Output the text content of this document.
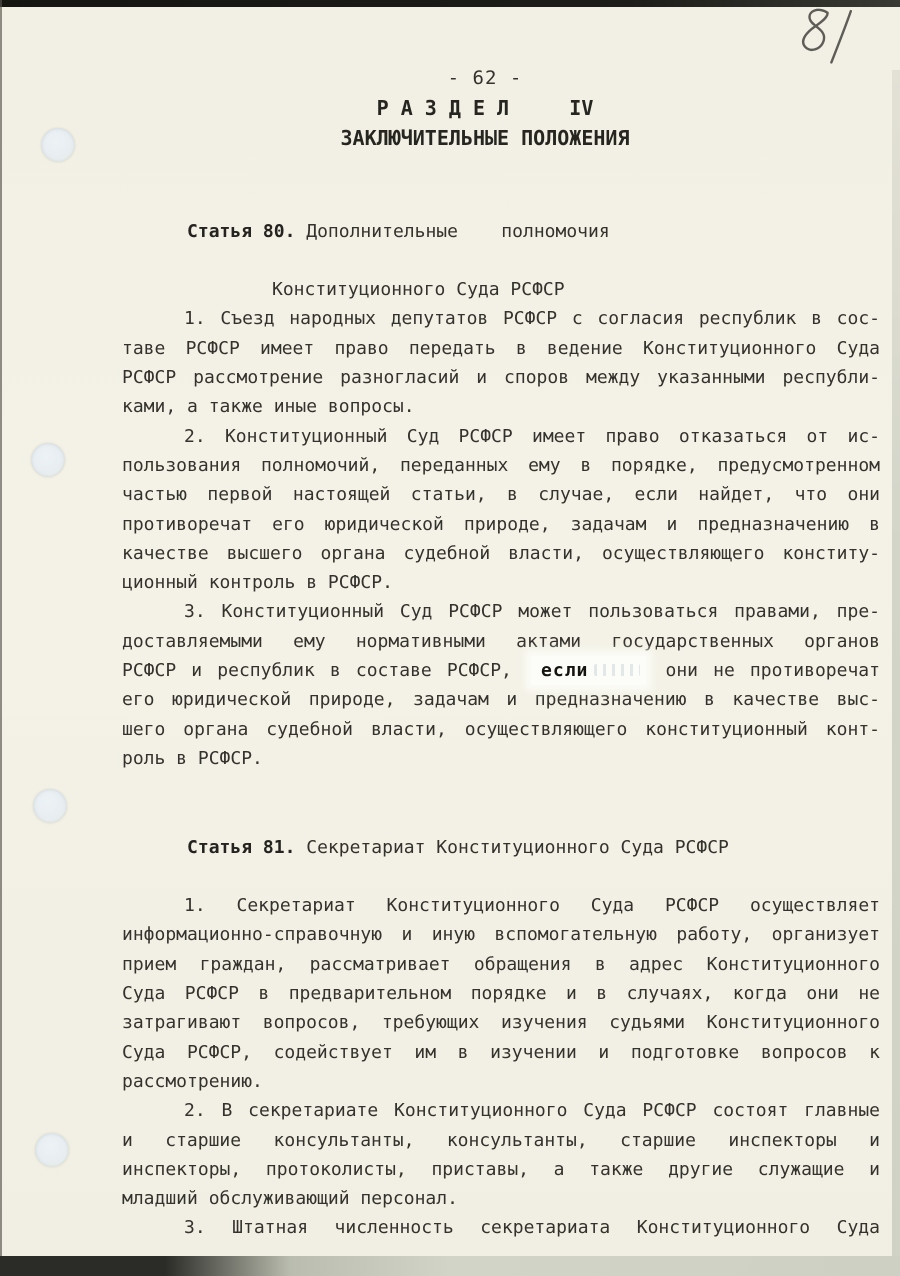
- 62 -
Р А З Д Е Л     IV
ЗАКЛЮЧИТЕЛЬНЫЕ ПОЛОЖЕНИЯ

Статья 80. Дополнительные    полномочия

Конституционного Суда РСФСР
1. Съезд народных депутатов РСФСР с согласия республик в сос-
таве РСФСР имеет право передать в ведение Конституционного Суда
РСФСР рассмотрение разногласий и споров между указанными республи-
ками, а также иные вопросы.
2. Конституционный Суд РСФСР имеет право отказаться от ис-
пользования полномочий, переданных ему в порядке, предусмотренном
частью первой настоящей статьи, в случае, если найдет, что они
противоречат его юридической природе, задачам и предназначению в
качестве высшего органа судебной власти, осуществляющего конститу-
ционный контроль в РСФСР.
3. Конституционный Суд РСФСР может пользоваться правами, пре-
доставляемыми ему нормативными актами государственных органов
РСФСР и республик в составе РСФСР, если	они не противоречат
его юридической природе, задачам и предназначению в качестве выс-
шего органа судебной власти, осуществляющего конституционный конт-
роль в РСФСР.

Статья 81. Секретариат Конституционного Суда РСФСР

1. Секретариат Конституционного Суда РСФСР осуществляет
информационно-справочную и иную вспомогательную работу, организует
прием граждан, рассматривает обращения в адрес Конституционного
Суда РСФСР в предварительном порядке и в случаях, когда они не
затрагивают вопросов, требующих изучения судьями Конституционного
Суда РСФСР, содействует им в изучении и подготовке вопросов к
рассмотрению.
2. В секретариате Конституционного Суда РСФСР состоят главные
и старшие консультанты, консультанты, старшие инспекторы и
инспекторы, протоколисты, приставы, а также другие служащие и
младший обслуживающий персонал.
3. Штатная численность секретариата Конституционного Суда
